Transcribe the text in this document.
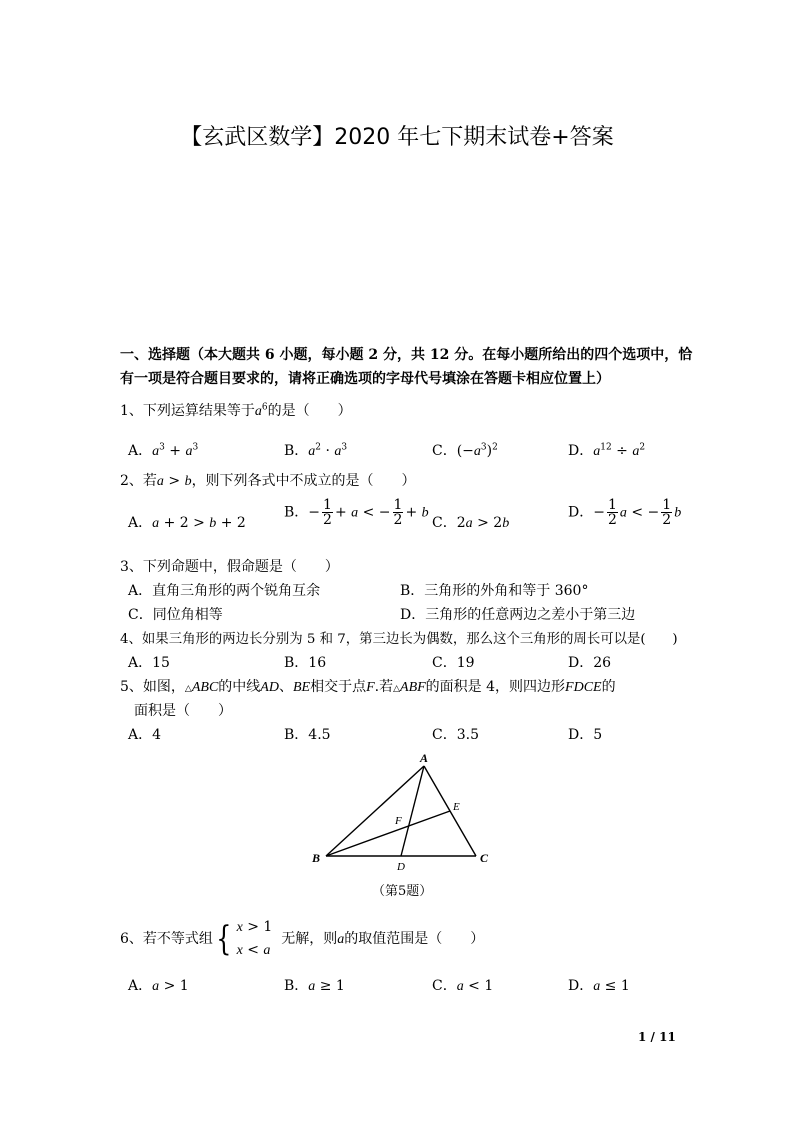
【玄武区数学】2020 年七下期末试卷+答案
一、选择题（本大题共 6 小题，每小题 2 分，共 12 分。在每小题所给出的四个选项中，恰
有一项是符合题目要求的，请将正确选项的字母代号填涂在答题卡相应位置上）
1、下列运算结果等于$a^6$的是（　　）
A．$a^3 + a^3$	B．$a^2 \cdot a^3$	C．$(-a^3)^2$	D．$a^{12} \div a^2$
2、若a > b，则下列各式中不成立的是（　　）
A．a + 2 > b + 2
B．− $\frac{1}{2} + a$ < − $\frac{1}{2} + b$
C．2a > 2b
D．− $\frac{1}{2}$ a < − $\frac{1}{2}$ b
3、下列命题中，假命题是（　　）
A．直角三角形的两个锐角互余	B．三角形的外角和等于 360°
C．同位角相等	D．三角形的任意两边之差小于第三边
4、如果三角形的两边长分别为 5 和 7，第三边长为偶数，那么这个三角形的周长可以是(　　)
A．15	B．16	C．19	D．26
5、如图，△ABC的中线AD、BE相交于点F.若△ABF的面积是 4，则四边形FDCE的
面积是（　　）
A．4	B．4.5	C．3.5	D．5
A
B	C
D
E
F
（第5题）
6、若不等式组{ x > 1
x < a  无解，则a的取值范围是（　　）
A．a > 1	B．a ≥ 1	C．a < 1	D．a ≤ 1
1 / 11
